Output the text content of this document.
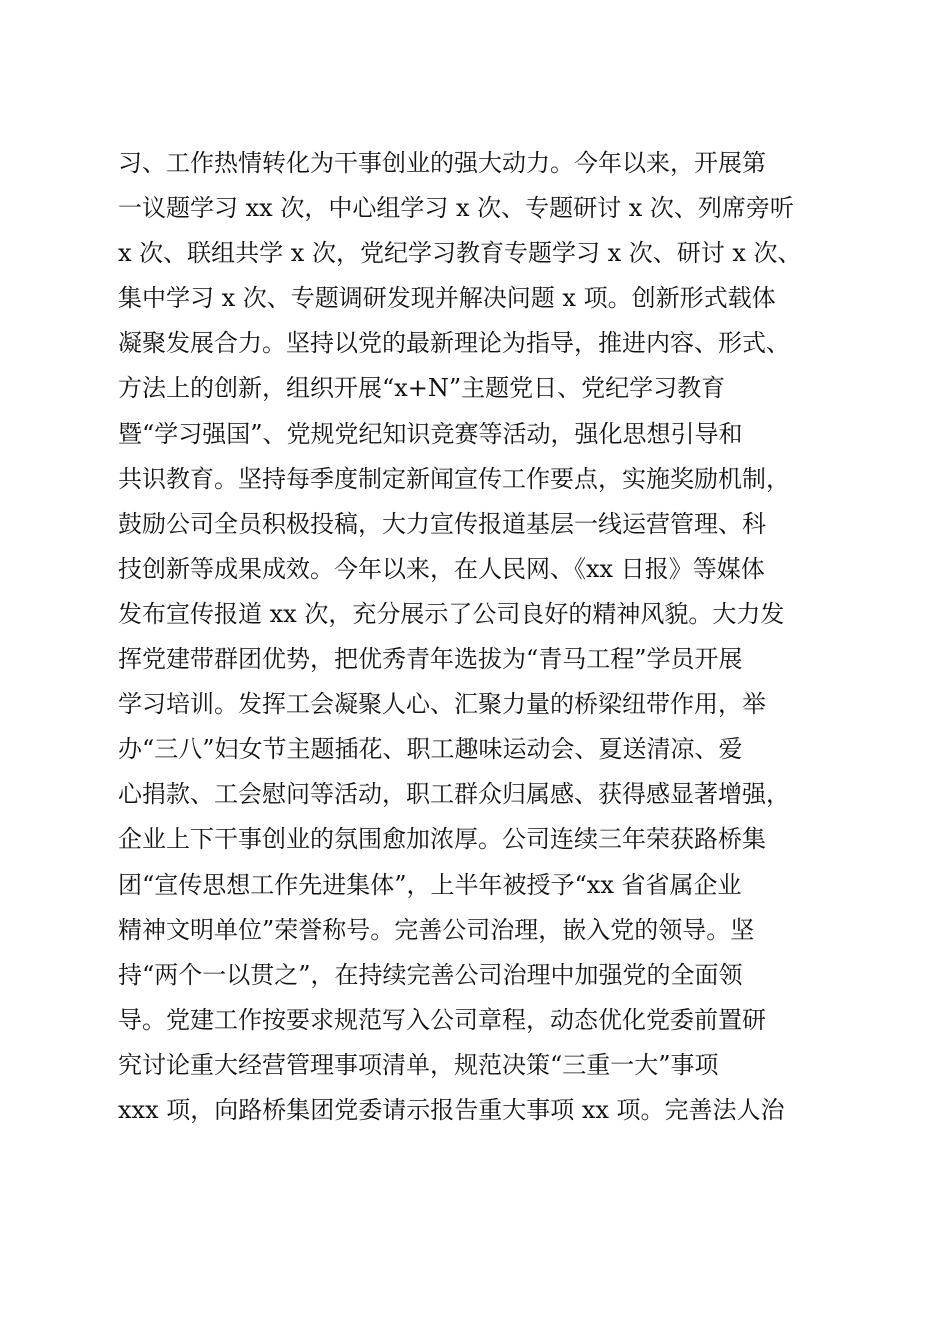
习、工作热情转化为干事创业的强大动力。今年以来，开展第
一议题学习 xx 次，中心组学习 x 次、专题研讨 x 次、列席旁听
x 次、联组共学 x 次，党纪学习教育专题学习 x 次、研讨 x 次、
集中学习 x 次、专题调研发现并解决问题 x 项。创新形式载体
凝聚发展合力。坚持以党的最新理论为指导，推进内容、形式、
方法上的创新，组织开展“x+N”主题党日、党纪学习教育
暨“学习强国”、党规党纪知识竞赛等活动，强化思想引导和
共识教育。坚持每季度制定新闻宣传工作要点，实施奖励机制，
鼓励公司全员积极投稿，大力宣传报道基层一线运营管理、科
技创新等成果成效。今年以来，在人民网、《xx 日报》等媒体
发布宣传报道 xx 次，充分展示了公司良好的精神风貌。大力发
挥党建带群团优势，把优秀青年选拔为“青马工程”学员开展
学习培训。发挥工会凝聚人心、汇聚力量的桥梁纽带作用，举
办“三八”妇女节主题插花、职工趣味运动会、夏送清凉、爱
心捐款、工会慰问等活动，职工群众归属感、获得感显著增强，
企业上下干事创业的氛围愈加浓厚。公司连续三年荣获路桥集
团“宣传思想工作先进集体”，上半年被授予“xx 省省属企业
精神文明单位”荣誉称号。完善公司治理，嵌入党的领导。坚
持“两个一以贯之”，在持续完善公司治理中加强党的全面领
导。党建工作按要求规范写入公司章程，动态优化党委前置研
究讨论重大经营管理事项清单，规范决策“三重一大”事项
xxx 项，向路桥集团党委请示报告重大事项 xx 项。完善法人治
